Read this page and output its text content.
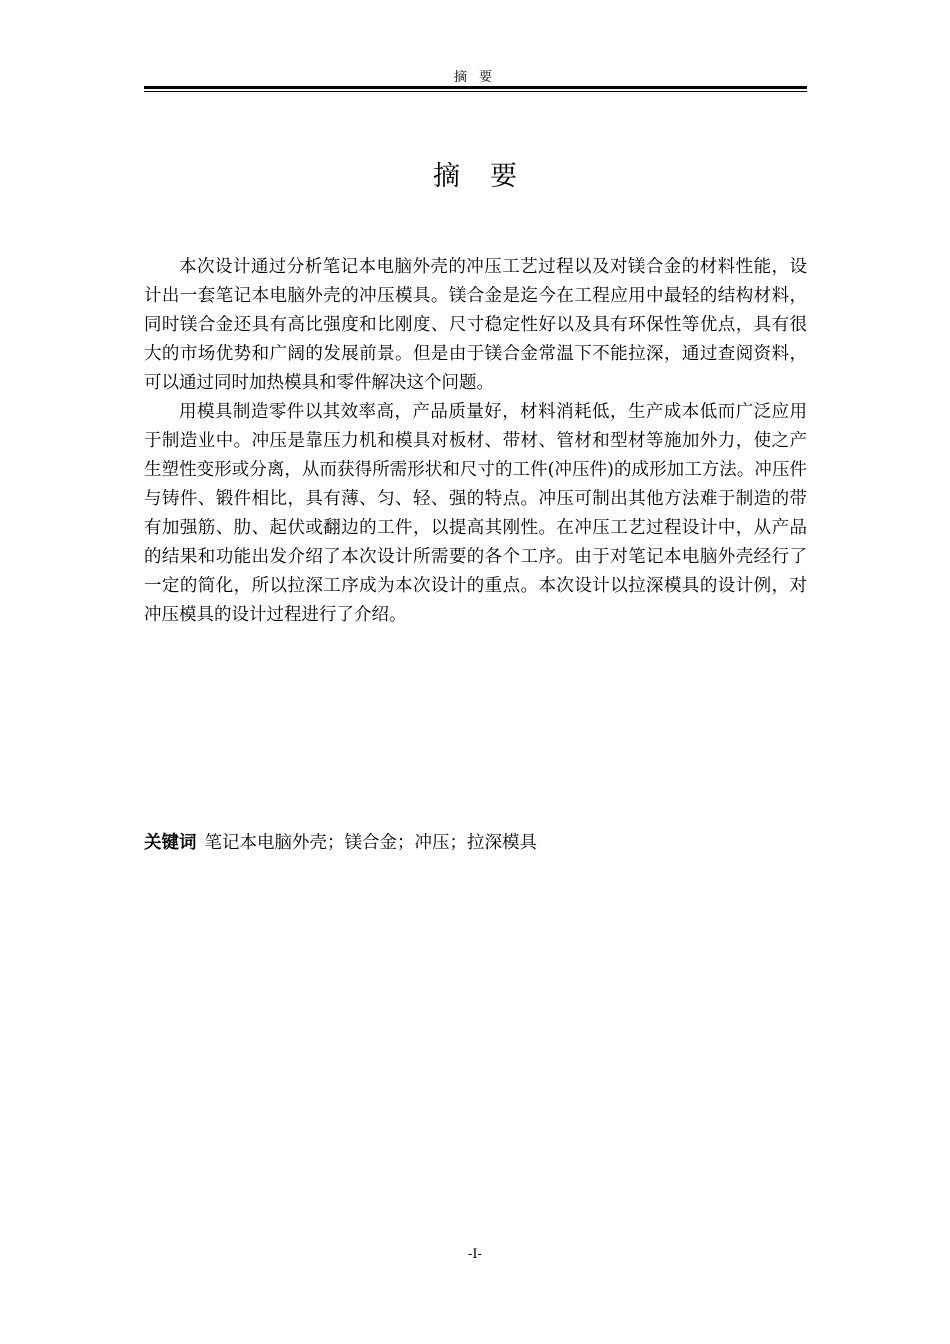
摘 要
摘要

本次设计通过分析笔记本电脑外壳的冲压工艺过程以及对镁合金的材料性能，设计出一套笔记本电脑外壳的冲压模具。镁合金是迄今在工程应用中最轻的结构材料，同时镁合金还具有高比强度和比刚度、尺寸稳定性好以及具有环保性等优点，具有很大的市场优势和广阔的发展前景。但是由于镁合金常温下不能拉深，通过查阅资料，可以通过同时加热模具和零件解决这个问题。

用模具制造零件以其效率高，产品质量好，材料消耗低，生产成本低而广泛应用于制造业中。冲压是靠压力机和模具对板材、带材、管材和型材等施加外力，使之产生塑性变形或分离，从而获得所需形状和尺寸的工件(冲压件)的成形加工方法。冲压件与铸件、锻件相比，具有薄、匀、轻、强的特点。冲压可制出其他方法难于制造的带有加强筋、肋、起伏或翻边的工件，以提高其刚性。在冲压工艺过程设计中，从产品的结果和功能出发介绍了本次设计所需要的各个工序。由于对笔记本电脑外壳经行了一定的简化，所以拉深工序成为本次设计的重点。本次设计以拉深模具的设计例，对冲压模具的设计过程进行了介绍。

关键词 笔记本电脑外壳；镁合金；冲压；拉深模具
-I-
